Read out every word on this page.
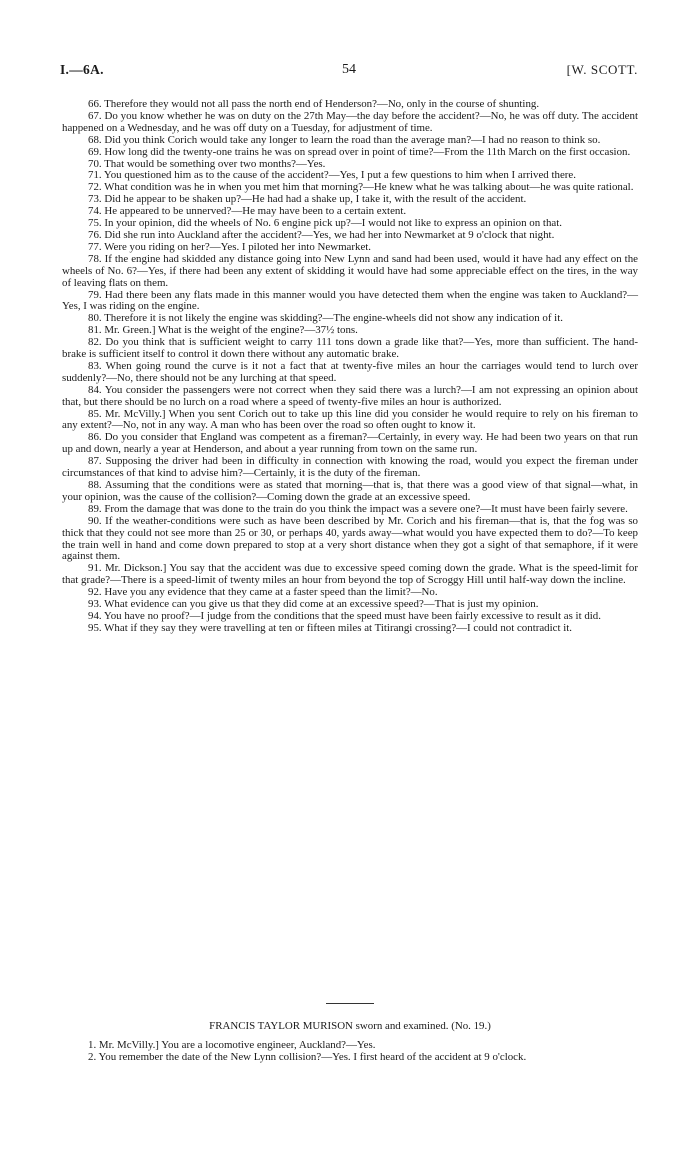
I.—6A.	54	[W. SCOTT.

66. Therefore they would not all pass the north end of Henderson?—No, only in the course of shunting.

67. Do you know whether he was on duty on the 27th May—the day before the accident?—No, he was off duty. The accident happened on a Wednesday, and he was off duty on a Tuesday, for adjustment of time.

68. Did you think Corich would take any longer to learn the road than the average man?—I had no reason to think so.

69. How long did the twenty-one trains he was on spread over in point of time?—From the 11th March on the first occasion.

70. That would be something over two months?—Yes.

71. You questioned him as to the cause of the accident?—Yes, I put a few questions to him when I arrived there.

72. What condition was he in when you met him that morning?—He knew what he was talking about—he was quite rational.

73. Did he appear to be shaken up?—He had had a shake up, I take it, with the result of the accident.

74. He appeared to be unnerved?—He may have been to a certain extent.

75. In your opinion, did the wheels of No. 6 engine pick up?—I would not like to express an opinion on that.

76. Did she run into Auckland after the accident?—Yes, we had her into Newmarket at 9 o'clock that night.

77. Were you riding on her?—Yes. I piloted her into Newmarket.

78. If the engine had skidded any distance going into New Lynn and sand had been used, would it have had any effect on the wheels of No. 6?—Yes, if there had been any extent of skidding it would have had some appreciable effect on the tires, in the way of leaving flats on them.

79. Had there been any flats made in this manner would you have detected them when the engine was taken to Auckland?—Yes, I was riding on the engine.

80. Therefore it is not likely the engine was skidding?—The engine-wheels did not show any indication of it.

81. Mr. Green.] What is the weight of the engine?—37½ tons.

82. Do you think that is sufficient weight to carry 111 tons down a grade like that?—Yes, more than sufficient. The hand-brake is sufficient itself to control it down there without any automatic brake.

83. When going round the curve is it not a fact that at twenty-five miles an hour the carriages would tend to lurch over suddenly?—No, there should not be any lurching at that speed.

84. You consider the passengers were not correct when they said there was a lurch?—I am not expressing an opinion about that, but there should be no lurch on a road where a speed of twenty-five miles an hour is authorized.

85. Mr. McVilly.] When you sent Corich out to take up this line did you consider he would require to rely on his fireman to any extent?—No, not in any way. A man who has been over the road so often ought to know it.

86. Do you consider that England was competent as a fireman?—Certainly, in every way. He had been two years on that run up and down, nearly a year at Henderson, and about a year running from town on the same run.

87. Supposing the driver had been in difficulty in connection with knowing the road, would you expect the fireman under circumstances of that kind to advise him?—Certainly, it is the duty of the fireman.

88. Assuming that the conditions were as stated that morning—that is, that there was a good view of that signal—what, in your opinion, was the cause of the collision?—Coming down the grade at an excessive speed.

89. From the damage that was done to the train do you think the impact was a severe one?—It must have been fairly severe.

90. If the weather-conditions were such as have been described by Mr. Corich and his fireman—that is, that the fog was so thick that they could not see more than 25 or 30, or perhaps 40, yards away—what would you have expected them to do?—To keep the train well in hand and come down prepared to stop at a very short distance when they got a sight of that semaphore, if it were against them.

91. Mr. Dickson.] You say that the accident was due to excessive speed coming down the grade. What is the speed-limit for that grade?—There is a speed-limit of twenty miles an hour from beyond the top of Scroggy Hill until half-way down the incline.

92. Have you any evidence that they came at a faster speed than the limit?—No.

93. What evidence can you give us that they did come at an excessive speed?—That is just my opinion.

94. You have no proof?—I judge from the conditions that the speed must have been fairly excessive to result as it did.

95. What if they say they were travelling at ten or fifteen miles at Titirangi crossing?—I could not contradict it.

FRANCIS TAYLOR MURISON sworn and examined. (No. 19.)

1. Mr. McVilly.] You are a locomotive engineer, Auckland?—Yes.

2. You remember the date of the New Lynn collision?—Yes. I first heard of the accident at 9 o'clock.
